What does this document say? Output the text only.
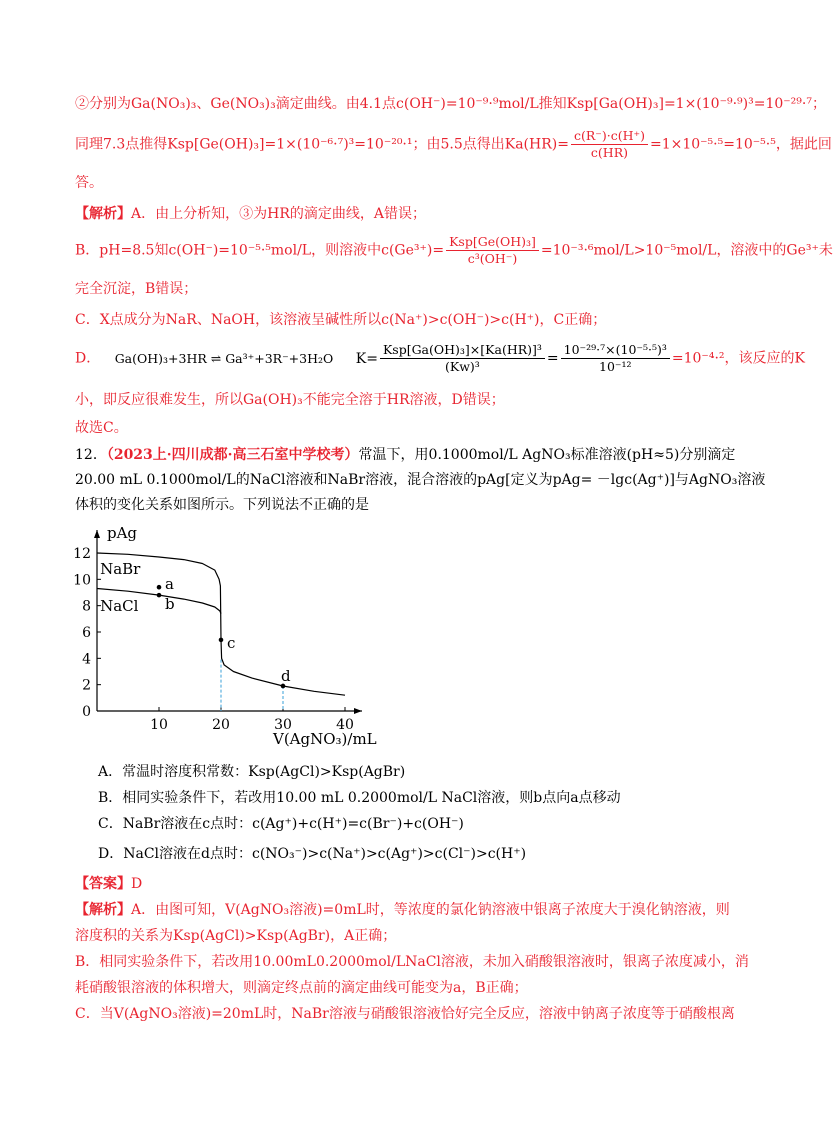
②分别为Ga(NO₃)₃、Ge(NO₃)₃滴定曲线。由4.1点c(OH⁻)=10⁻⁹·⁹mol/L推知Ksp[Ga(OH)₃]=1×(10⁻⁹·⁹)³=10⁻²⁹·⁷；
同理7.3点推得Ksp[Ge(OH)₃]=1×(10⁻⁶·⁷)³=10⁻²⁰·¹；由5.5点得出$Ka(HR)= \frac{c(R^-)\cdot c(H^+)}{c(HR)} =1\times 10^{-5}\cdot^5=10^{-5}\cdot^5$，据此回
答。
【解析】A．由上分析知，③为HR的滴定曲线，A错误；
B．pH=8.5知c(OH⁻)=10⁻⁵·⁵mol/L，则溶液中$c(Ge^{3+})= \frac{\text{Ksp[Ge(OH)₃]}}{\text{c³(OH⁻)}} =10^{-3}\cdot^6mol/L>10^{-5}mol/L$，溶液中的Ge³⁺未
完全沉淀，B错误；
C．X点成分为NaR、NaOH，该溶液呈碱性所以c(Na⁺)>c(OH⁻)>c(H⁺)，C正确；
D． Ga(OH)₃+3HR ⇌ Ga³⁺+3R⁻+3H₂O $K= \frac{\text{Ksp[Ga(OH)₃]×[Ka(HR)]³}}{\text{(Kw)³}} = \frac{\text{10⁻²⁹·⁷×(10⁻⁵·⁵)³}}{\text{10⁻¹²}} =10^{-4}\cdot^2$，该反应的K
小，即反应很难发生，所以Ga(OH)₃不能完全溶于HR溶液，D错误；
故选C。
12．（2023上·四川成都·高三石室中学校考）常温下，用0.1000mol/L AgNO₃标准溶液(pH≈5)分别滴定
20.00 mL 0.1000mol/L的NaCl溶液和NaBr溶液，混合溶液的pAg[定义为pAg= －lgc(Ag⁺)]与AgNO₃溶液
体积的变化关系如图所示。下列说法不正确的是
0
2
4
6
8
10
12
10	20	30	40
NaBr
NaCl
a
b
c
d
pAg
V(AgNO₃)/mL
A．常温时溶度积常数：Ksp(AgCl)>Ksp(AgBr)
B．相同实验条件下，若改用10.00 mL 0.2000mol/L NaCl溶液，则b点向a点移动
C．NaBr溶液在c点时：c(Ag⁺)+c(H⁺)=c(Br⁻)+c(OH⁻)
D．NaCl溶液在d点时：c(NO₃⁻)>c(Na⁺)>c(Ag⁺)>c(Cl⁻)>c(H⁺)
【答案】D
【解析】A．由图可知，V(AgNO₃溶液)=0mL时，等浓度的氯化钠溶液中银离子浓度大于溴化钠溶液，则
溶度积的关系为Ksp(AgCl)>Ksp(AgBr)，A正确；
B．相同实验条件下，若改用10.00mL0.2000mol/LNaCl溶液，未加入硝酸银溶液时，银离子浓度减小，消
耗硝酸银溶液的体积增大，则滴定终点前的滴定曲线可能变为a，B正确；
C．当V(AgNO₃溶液)=20mL时，NaBr溶液与硝酸银溶液恰好完全反应，溶液中钠离子浓度等于硝酸根离
